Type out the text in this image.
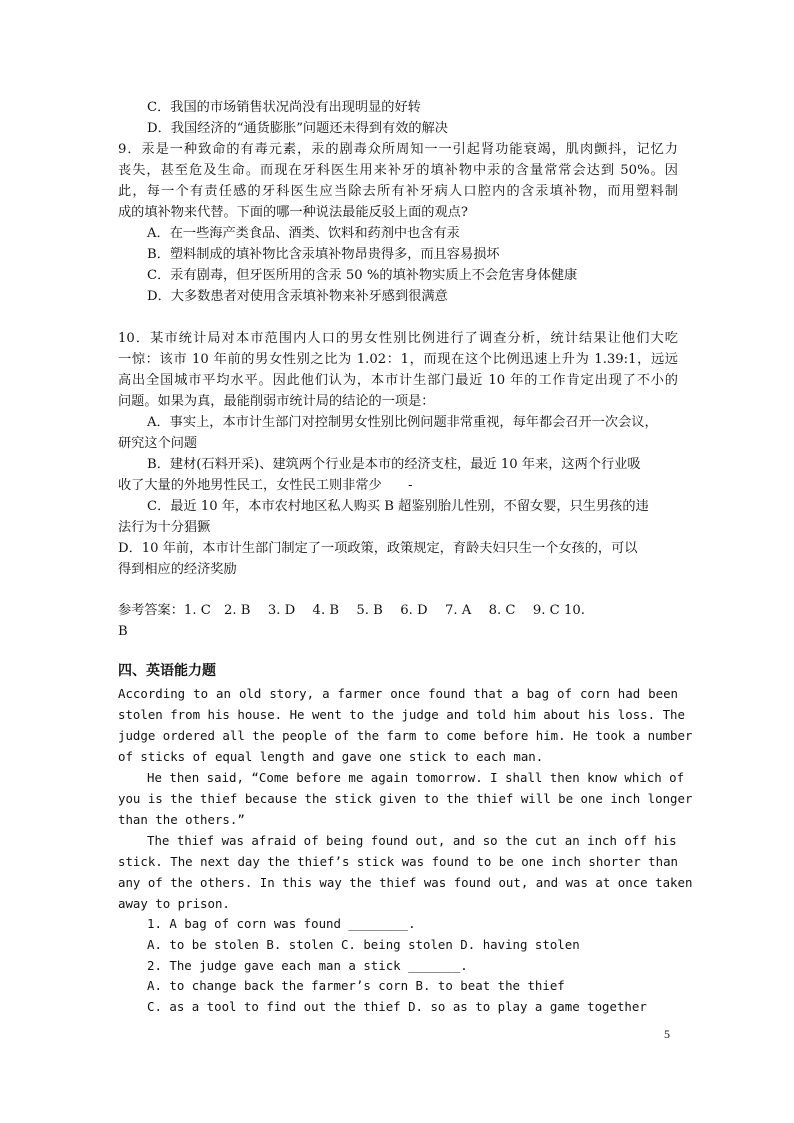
C．我国的市场销售状况尚没有出现明显的好转
D．我国经济的“通货膨胀”问题还未得到有效的解决
9．汞是一种致命的有毒元素，汞的剧毒众所周知一一引起肾功能衰竭，肌肉颤抖，记忆力
丧失，甚至危及生命。而现在牙科医生用来补牙的填补物中汞的含量常常会达到 50%。因
此，每一个有责任感的牙科医生应当除去所有补牙病人口腔内的含汞填补物，而用塑料制
成的填补物来代替。下面的哪一种说法最能反驳上面的观点?
A．在一些海产类食品、酒类、饮料和药剂中也含有汞
B．塑料制成的填补物比含汞填补物昂贵得多，而且容易损坏
C．汞有剧毒，但牙医所用的含汞 50 %的填补物实质上不会危害身体健康
D．大多数患者对使用含汞填补物来补牙感到很满意
10．某市统计局对本市范围内人口的男女性别比例进行了调查分析，统计结果让他们大吃
一惊：该市 10 年前的男女性别之比为 1.02：1，而现在这个比例迅速上升为 1.39:1，远远
高出全国城市平均水平。因此他们认为，本市计生部门最近 10 年的工作肯定出现了不小的
问题。如果为真，最能削弱市统计局的结论的一项是：
A．事实上，本市计生部门对控制男女性别比例问题非常重视，每年都会召开一次会议，
研究这个问题
B．建材(石料开采)、建筑两个行业是本市的经济支柱，最近 10 年来，这两个行业吸
收了大量的外地男性民工，女性民工则非常少　　-
C．最近 10 年，本市农村地区私人购买 B 超鉴别胎儿性别，不留女婴，只生男孩的违
法行为十分猖獗
D．10 年前，本市计生部门制定了一项政策，政策规定，育龄夫妇只生一个女孩的，可以
得到相应的经济奖励
参考答案：1. C　2. B　 3. D　 4. B　 5. B　 6. D　 7. A　 8. C　 9. C 10.
B
四、英语能力题
According to an old story, a farmer once found that a bag of corn had been
stolen from his house. He went to the judge and told him about his loss. The
judge ordered all the people of the farm to come before him. He took a number
of sticks of equal length and gave one stick to each man.
He then said, “Come before me again tomorrow. I shall then know which of
you is the thief because the stick given to the thief will be one inch longer
than the others.”
The thief was afraid of being found out, and so the cut an inch off his
stick. The next day the thief’s stick was found to be one inch shorter than
any of the others. In this way the thief was found out, and was at once taken
away to prison.
1. A bag of corn was found ________.
A. to be stolen B. stolen C. being stolen D. having stolen
2. The judge gave each man a stick _______.
A. to change back the farmer’s corn B. to beat the thief
C. as a tool to find out the thief D. so as to play a game together
5
